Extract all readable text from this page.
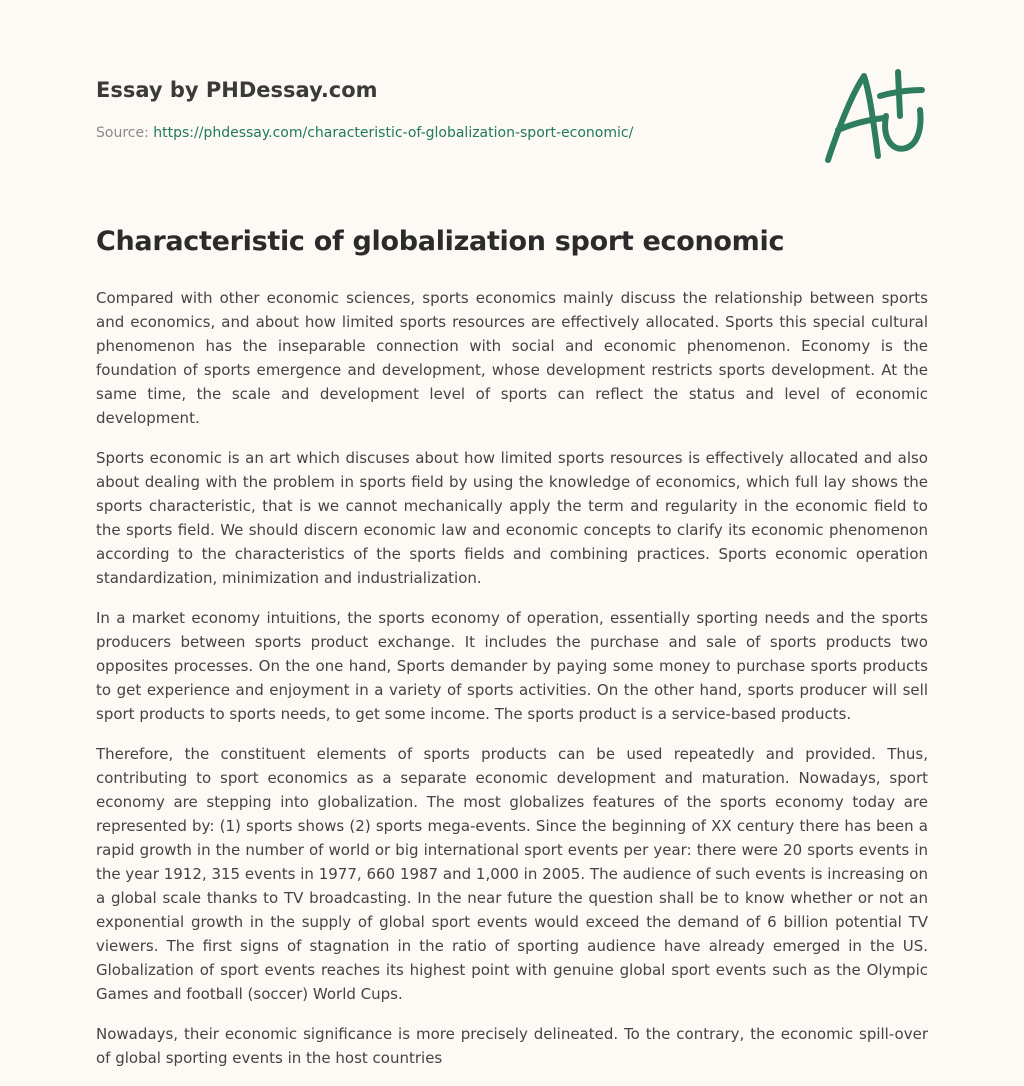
Essay by PHDessay.com

Source: https://phdessay.com/characteristic-of-globalization-sport-economic/

Characteristic of globalization sport economic

Compared with other economic sciences, sports economics mainly discuss the relationship between sports and economics, and about how limited sports resources are effectively allocated. Sports this special cultural phenomenon has the inseparable connection with social and economic phenomenon. Economy is the foundation of sports emergence and development, whose development restricts sports development. At the same time, the scale and development level of sports can reflect the status and level of economic development.

Sports economic is an art which discuses about how limited sports resources is effectively allocated and also about dealing with the problem in sports field by using the knowledge of economics, which full lay shows the sports characteristic, that is we cannot mechanically apply the term and regularity in the economic field to the sports field. We should discern economic law and economic concepts to clarify its economic phenomenon according to the characteristics of the sports fields and combining practices. Sports economic operation standardization, minimization and industrialization.

In a market economy intuitions, the sports economy of operation, essentially sporting needs and the sports producers between sports product exchange. It includes the purchase and sale of sports products two opposites processes. On the one hand, Sports demander by paying some money to purchase sports products to get experience and enjoyment in a variety of sports activities. On the other hand, sports producer will sell sport products to sports needs, to get some income. The sports product is a service-based products.

Therefore, the constituent elements of sports products can be used repeatedly and provided. Thus, contributing to sport economics as a separate economic development and maturation. Nowadays, sport economy are stepping into globalization. The most globalizes features of the sports economy today are represented by: (1) sports shows (2) sports mega-events. Since the beginning of XX century there has been a rapid growth in the number of world or big international sport events per year: there were 20 sports events in the year 1912, 315 events in 1977, 660 1987 and 1,000 in 2005. The audience of such events is increasing on a global scale thanks to TV broadcasting. In the near future the question shall be to know whether or not an exponential growth in the supply of global sport events would exceed the demand of 6 billion potential TV viewers. The first signs of stagnation in the ratio of sporting audience have already emerged in the US. Globalization of sport events reaches its highest point with genuine global sport events such as the Olympic Games and football (soccer) World Cups.

Nowadays, their economic significance is more precisely delineated. To the contrary, the economic spill-over of global sporting events in the host countries
